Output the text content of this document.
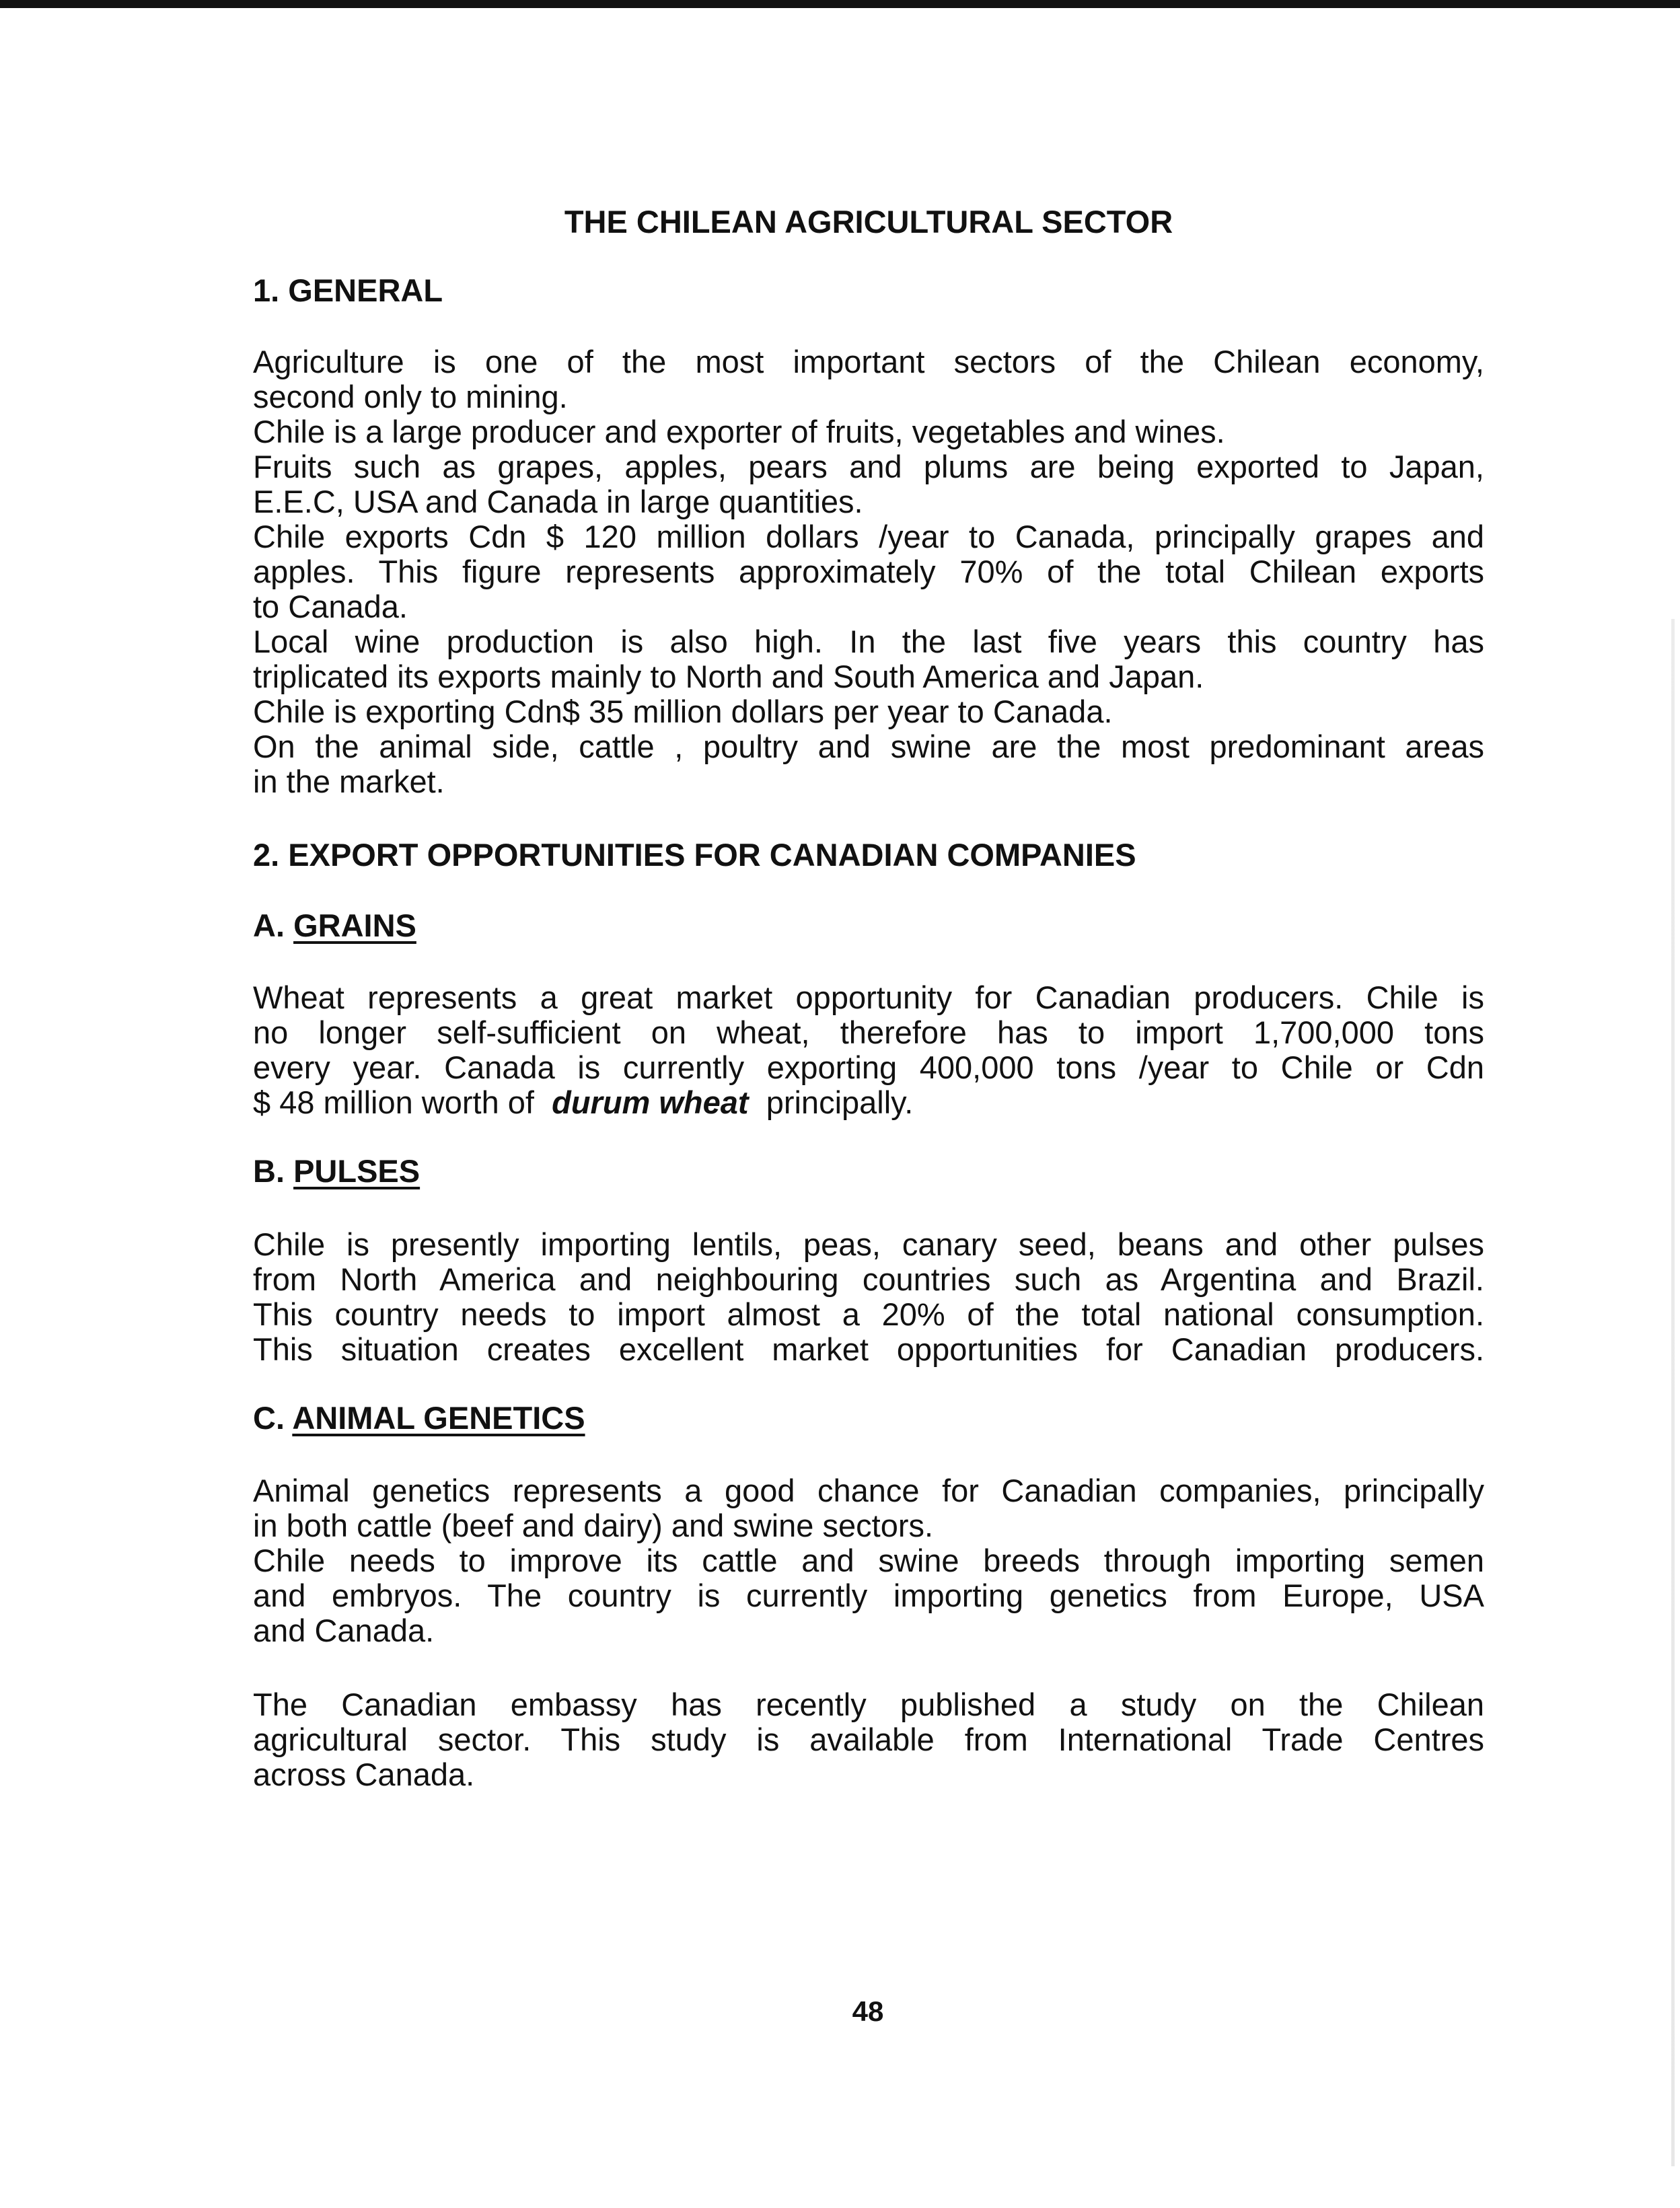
THE CHILEAN AGRICULTURAL SECTOR
1. GENERAL
Agriculture is one of the most important sectors of the Chilean economy,
second only to mining.
Chile is a large producer and exporter of fruits, vegetables and wines.
Fruits such as grapes, apples, pears and plums are being exported to Japan,
E.E.C, USA and Canada in large quantities.
Chile exports Cdn $ 120 million dollars /year to Canada, principally grapes and
apples. This figure represents approximately 70% of the total Chilean exports
to Canada.
Local wine production is also high. In the last five years this country has
triplicated its exports mainly to North and South America and Japan.
Chile is exporting Cdn$ 35 million dollars per year to Canada.
On the animal side, cattle , poultry and swine are the most predominant areas
in the market.
2. EXPORT OPPORTUNITIES FOR CANADIAN COMPANIES
A. GRAINS
Wheat represents a great market opportunity for Canadian producers. Chile is
no longer self-sufficient on wheat, therefore has to import 1,700,000 tons
every year. Canada is currently exporting 400,000 tons /year to Chile or Cdn
$ 48 million worth of durum wheat principally.
B. PULSES
Chile is presently importing lentils, peas, canary seed, beans and other pulses
from North America and neighbouring countries such as Argentina and Brazil.
This country needs to import almost a 20% of the total national consumption.
This situation creates excellent market opportunities for Canadian producers.
C. ANIMAL GENETICS
Animal genetics represents a good chance for Canadian companies, principally
in both cattle (beef and dairy) and swine sectors.
Chile needs to improve its cattle and swine breeds through importing semen
and embryos. The country is currently importing genetics from Europe, USA
and Canada.
The Canadian embassy has recently published a study on the Chilean
agricultural sector. This study is available from International Trade Centres
across Canada.
48
